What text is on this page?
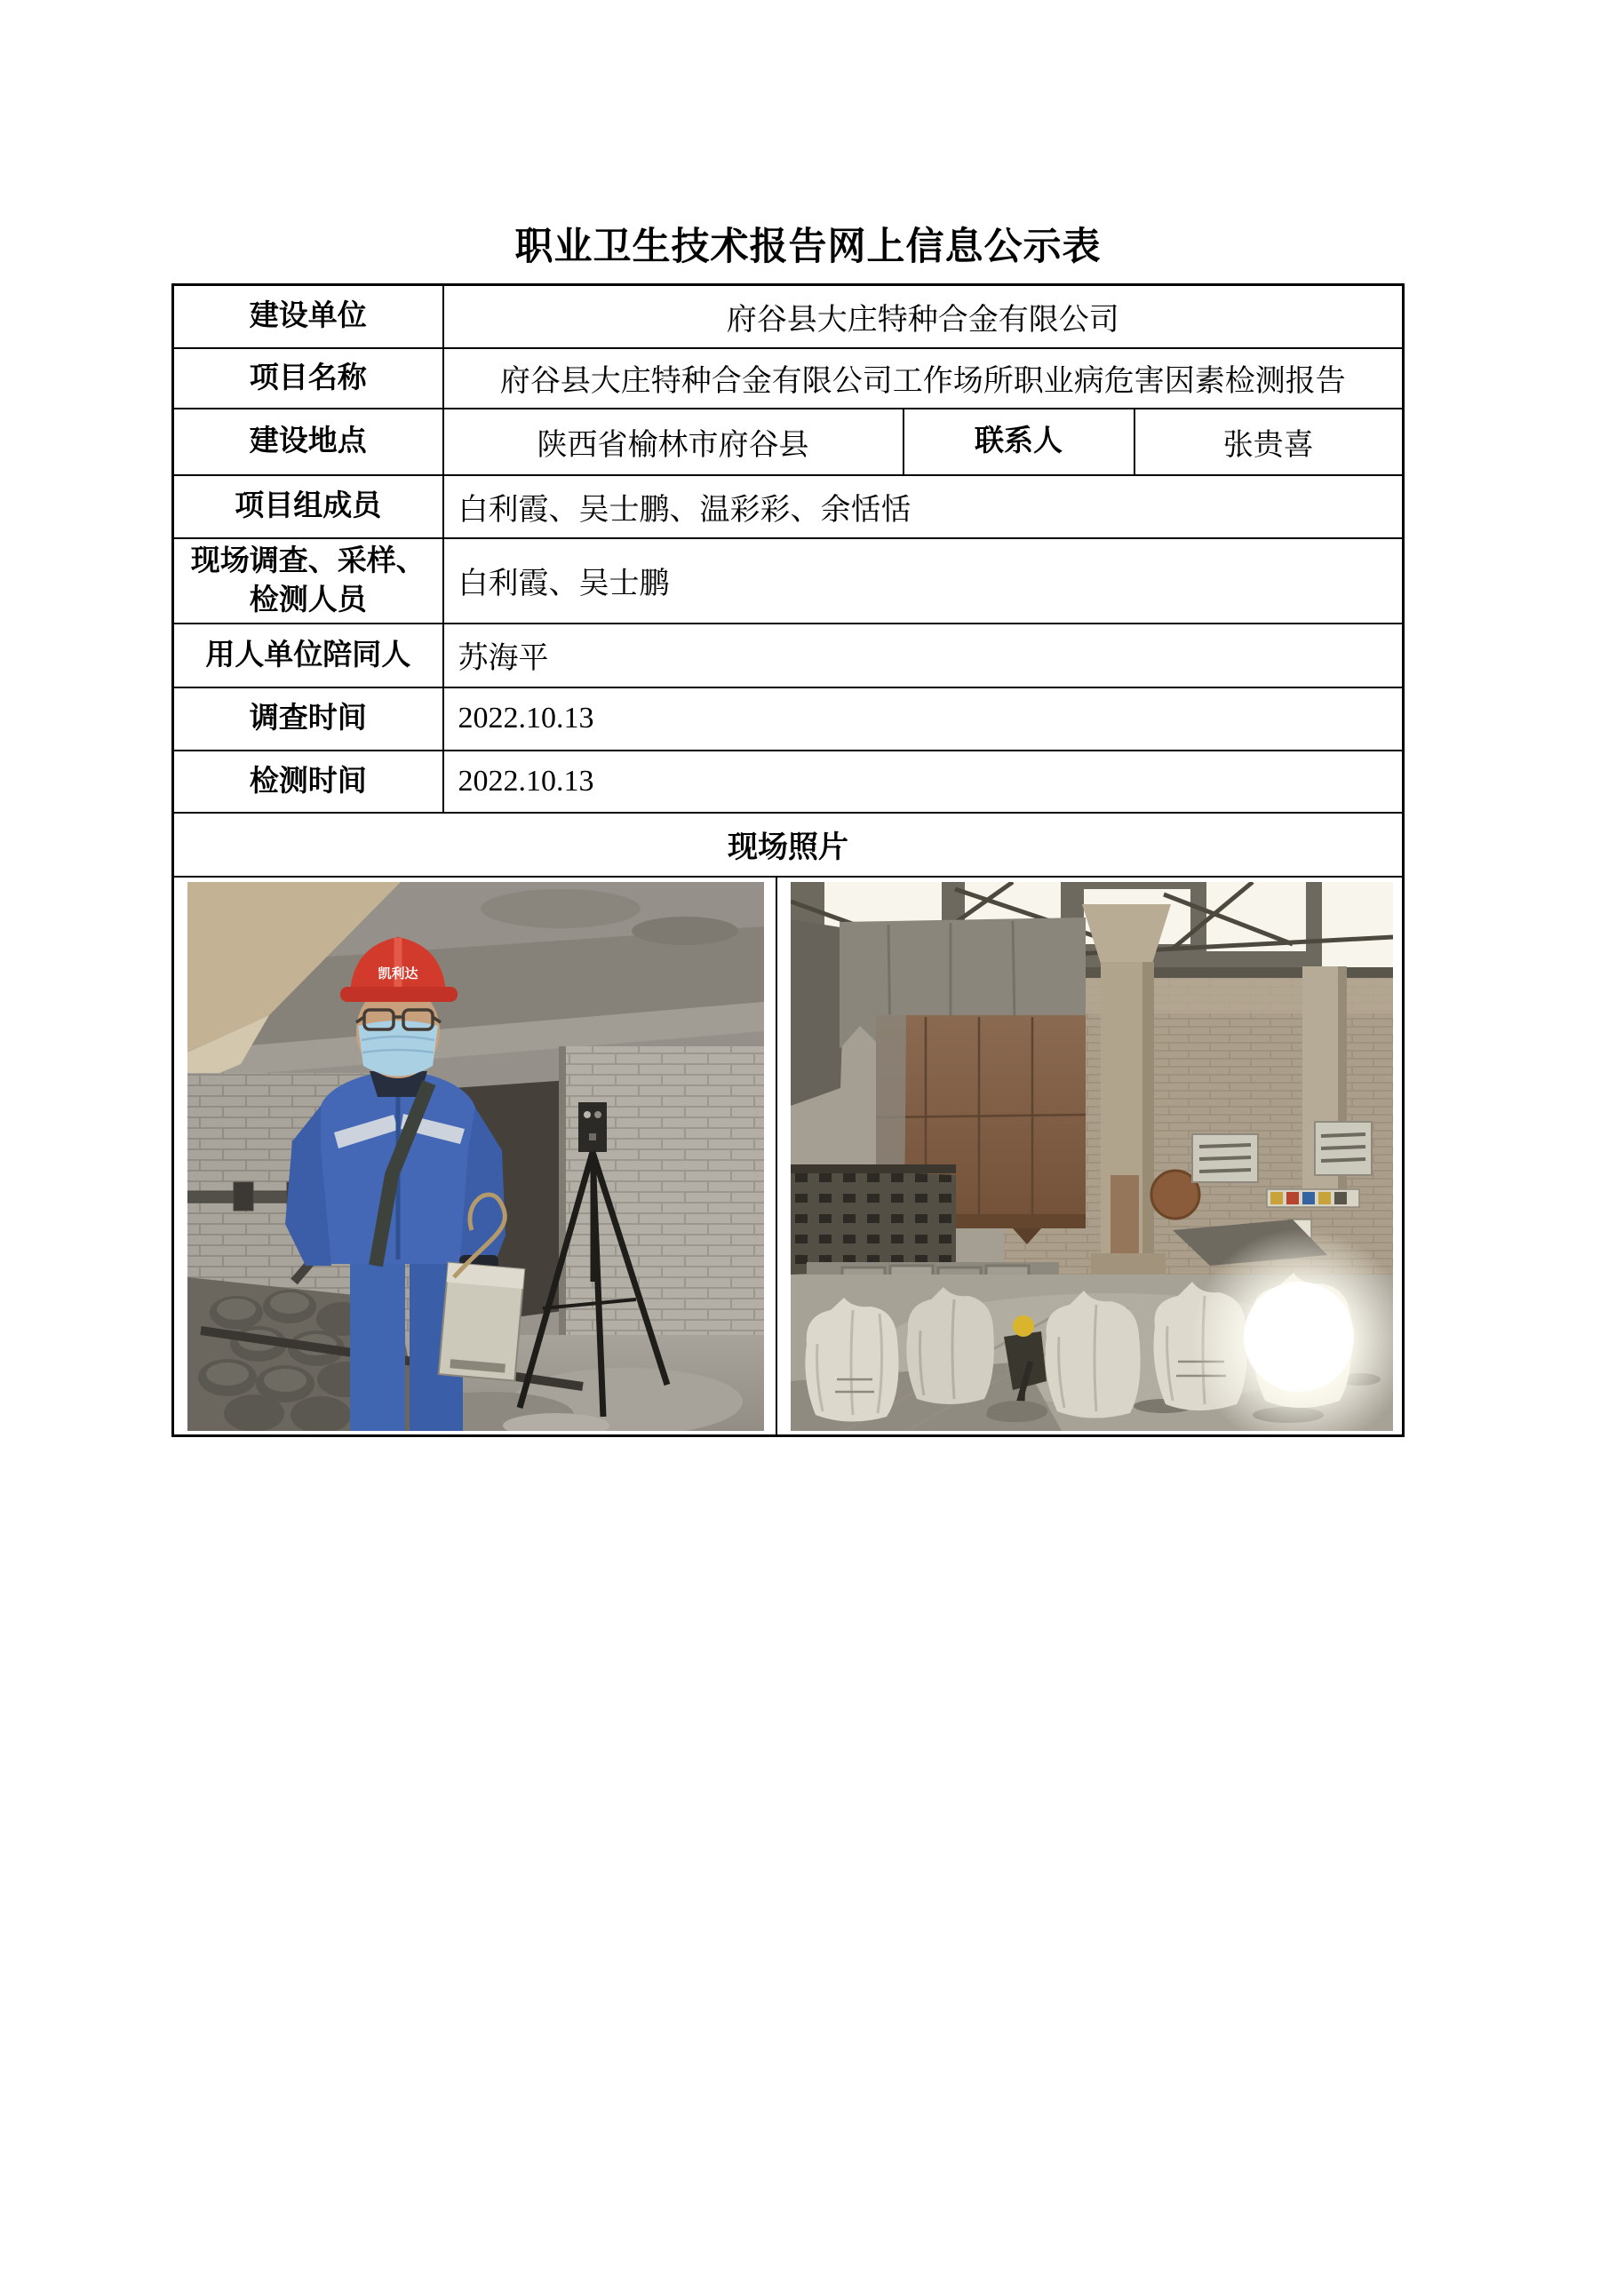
职业卫生技术报告网上信息公示表
建设单位	府谷县大庄特种合金有限公司			
项目名称	府谷县大庄特种合金有限公司工作场所职业病危害因素检测报告			
建设地点	陕西省榆林市府谷县		联系人	张贵喜
项目组成员	白利霞、吴士鹏、温彩彩、余恬恬			
现场调查、采样、
检测人员	白利霞、吴士鹏			
用人单位陪同人	苏海平			
调查时间	2022.10.13			
检测时间	2022.10.13			
现场照片				

凯利达
